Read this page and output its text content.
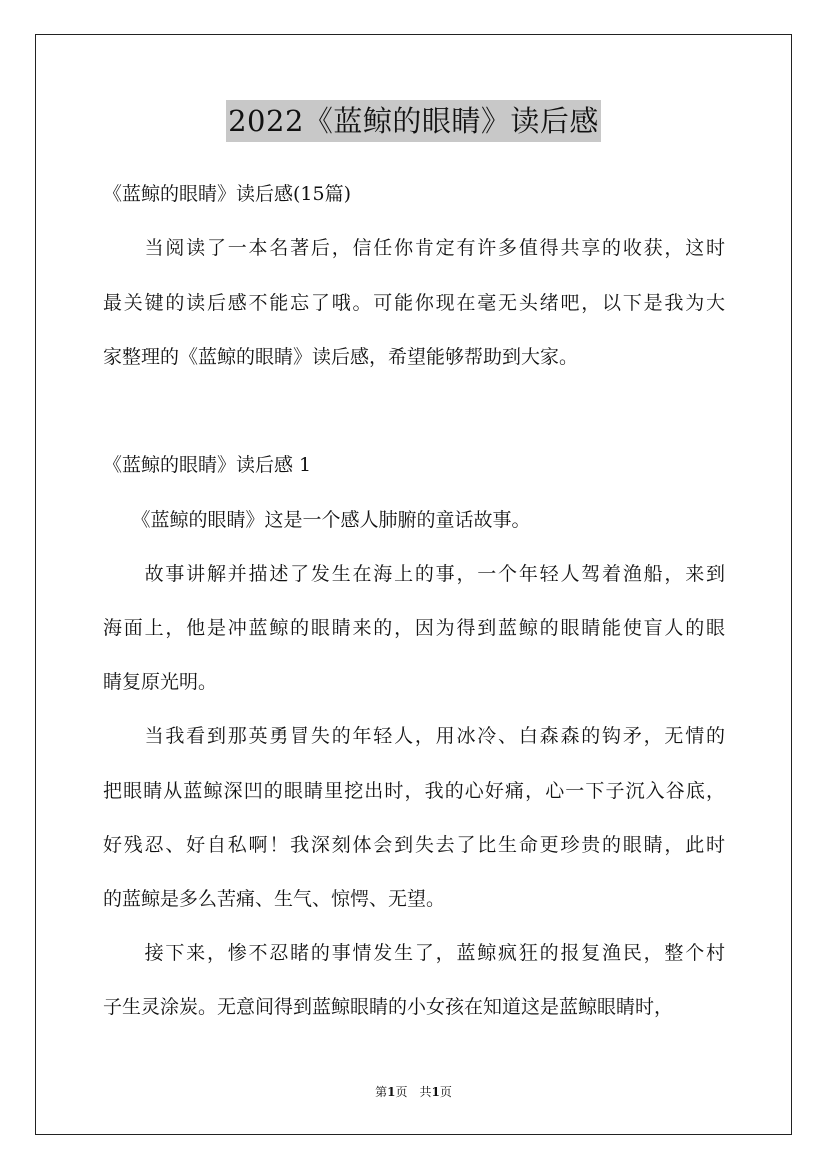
2022《蓝鲸的眼睛》读后感
《蓝鲸的眼睛》读后感(15篇)
　　当阅读了一本名著后，信任你肯定有许多值得共享的收获，这时
最关键的读后感不能忘了哦。可能你现在毫无头绪吧，以下是我为大
家整理的《蓝鲸的眼睛》读后感，希望能够帮助到大家。
《蓝鲸的眼睛》读后感 1
　　《蓝鲸的眼睛》这是一个感人肺腑的童话故事。
　　故事讲解并描述了发生在海上的事，一个年轻人驾着渔船，来到
海面上，他是冲蓝鲸的眼睛来的，因为得到蓝鲸的眼睛能使盲人的眼
睛复原光明。
　　当我看到那英勇冒失的年轻人，用冰冷、白森森的钩矛，无情的
把眼睛从蓝鲸深凹的眼睛里挖出时，我的心好痛，心一下子沉入谷底，
好残忍、好自私啊！我深刻体会到失去了比生命更珍贵的眼睛，此时
的蓝鲸是多么苦痛、生气、惊愕、无望。
　　接下来，惨不忍睹的事情发生了，蓝鲸疯狂的报复渔民，整个村
子生灵涂炭。无意间得到蓝鲸眼睛的小女孩在知道这是蓝鲸眼睛时，
第1页　共1页
